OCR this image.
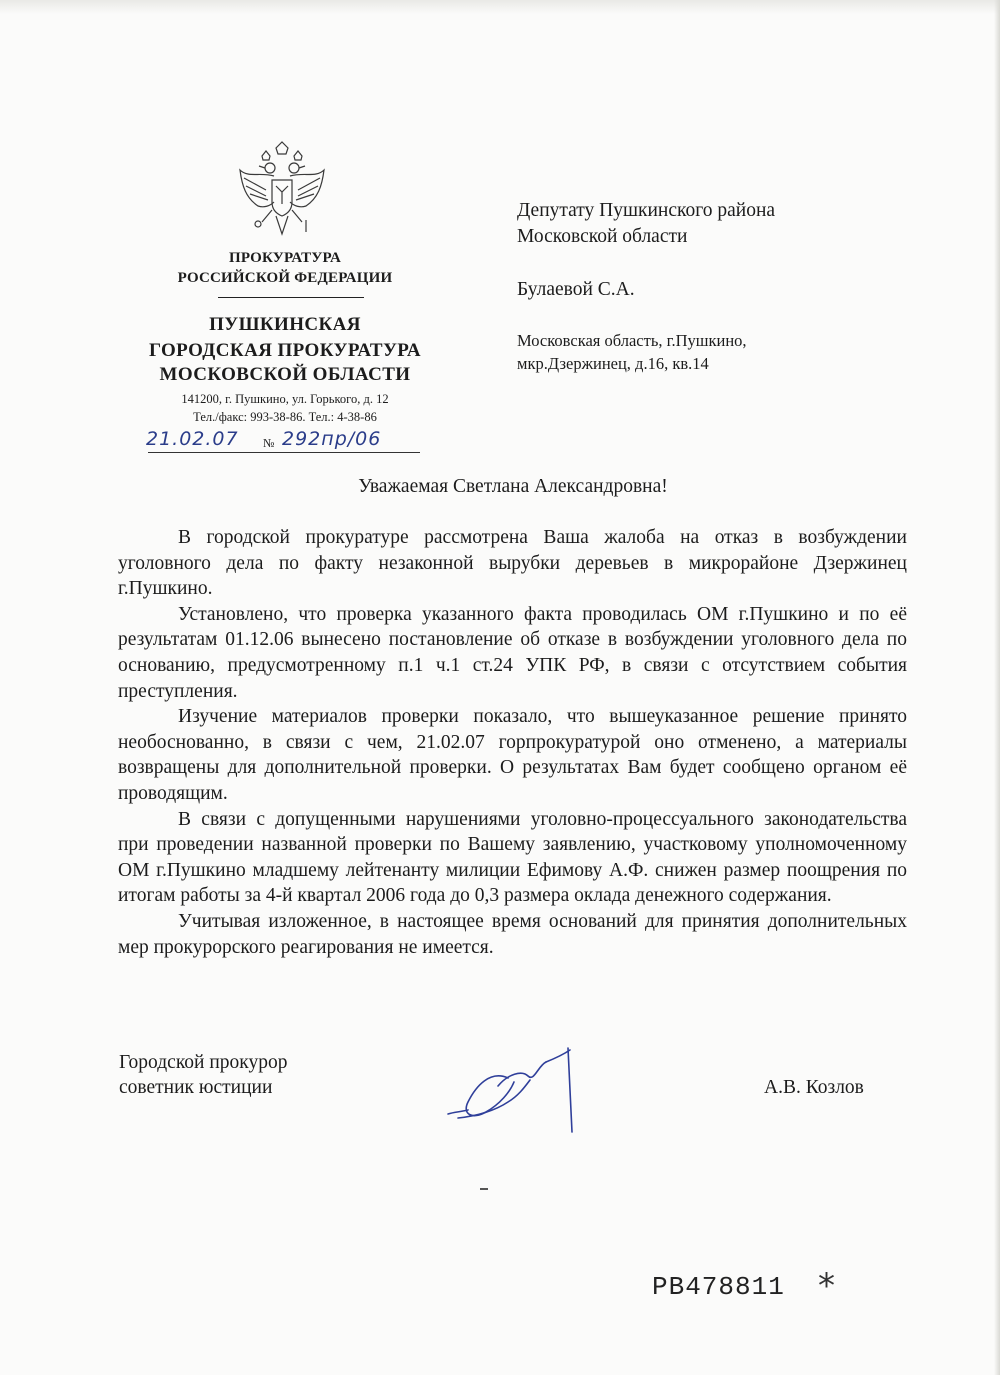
ПРОКУРАТУРА
РОССИЙСКОЙ ФЕДЕРАЦИИ
ПУШКИНСКАЯ
ГОРОДСКАЯ ПРОКУРАТУРА
МОСКОВСКОЙ ОБЛАСТИ
141200, г. Пушкино, ул. Горького, д. 12
Тел./факс: 993-38-86. Тел.: 4-38-86
21.02.07 № 292пр/06
Депутату Пушкинского района
Московской области
Булаевой С.А.
Московская область, г.Пушкино,
мкр.Дзержинец, д.16, кв.14
Уважаемая Светлана Александровна!

В городской прокуратуре рассмотрена Ваша жалоба на отказ в возбуждении уголовного дела по факту незаконной вырубки деревьев в микрорайоне Дзержинец г.Пушкино.

Установлено, что проверка указанного факта проводилась ОМ г.Пушкино и по её результатам 01.12.06 вынесено постановление об отказе в возбуждении уголовного дела по основанию, предусмотренному п.1 ч.1 ст.24 УПК РФ, в связи с отсутствием события преступления.

Изучение материалов проверки показало, что вышеуказанное решение принято необоснованно, в связи с чем, 21.02.07 горпрокуратурой оно отменено, а материалы возвращены для дополнительной проверки. О результатах Вам будет сообщено органом её проводящим.

В связи с допущенными нарушениями уголовно-процессуального законодательства при проведении названной проверки по Вашему заявлению, участковому уполномоченному ОМ г.Пушкино младшему лейтенанту милиции Ефимову А.Ф. снижен размер поощрения по итогам работы за 4-й квартал 2006 года до 0,3 размера оклада денежного содержания.

Учитывая изложенное, в настоящее время оснований для принятия дополнительных мер прокурорского реагирования не имеется.

Городской прокурор
советник юстиции	А.В. Козлов
РВ478811 *
